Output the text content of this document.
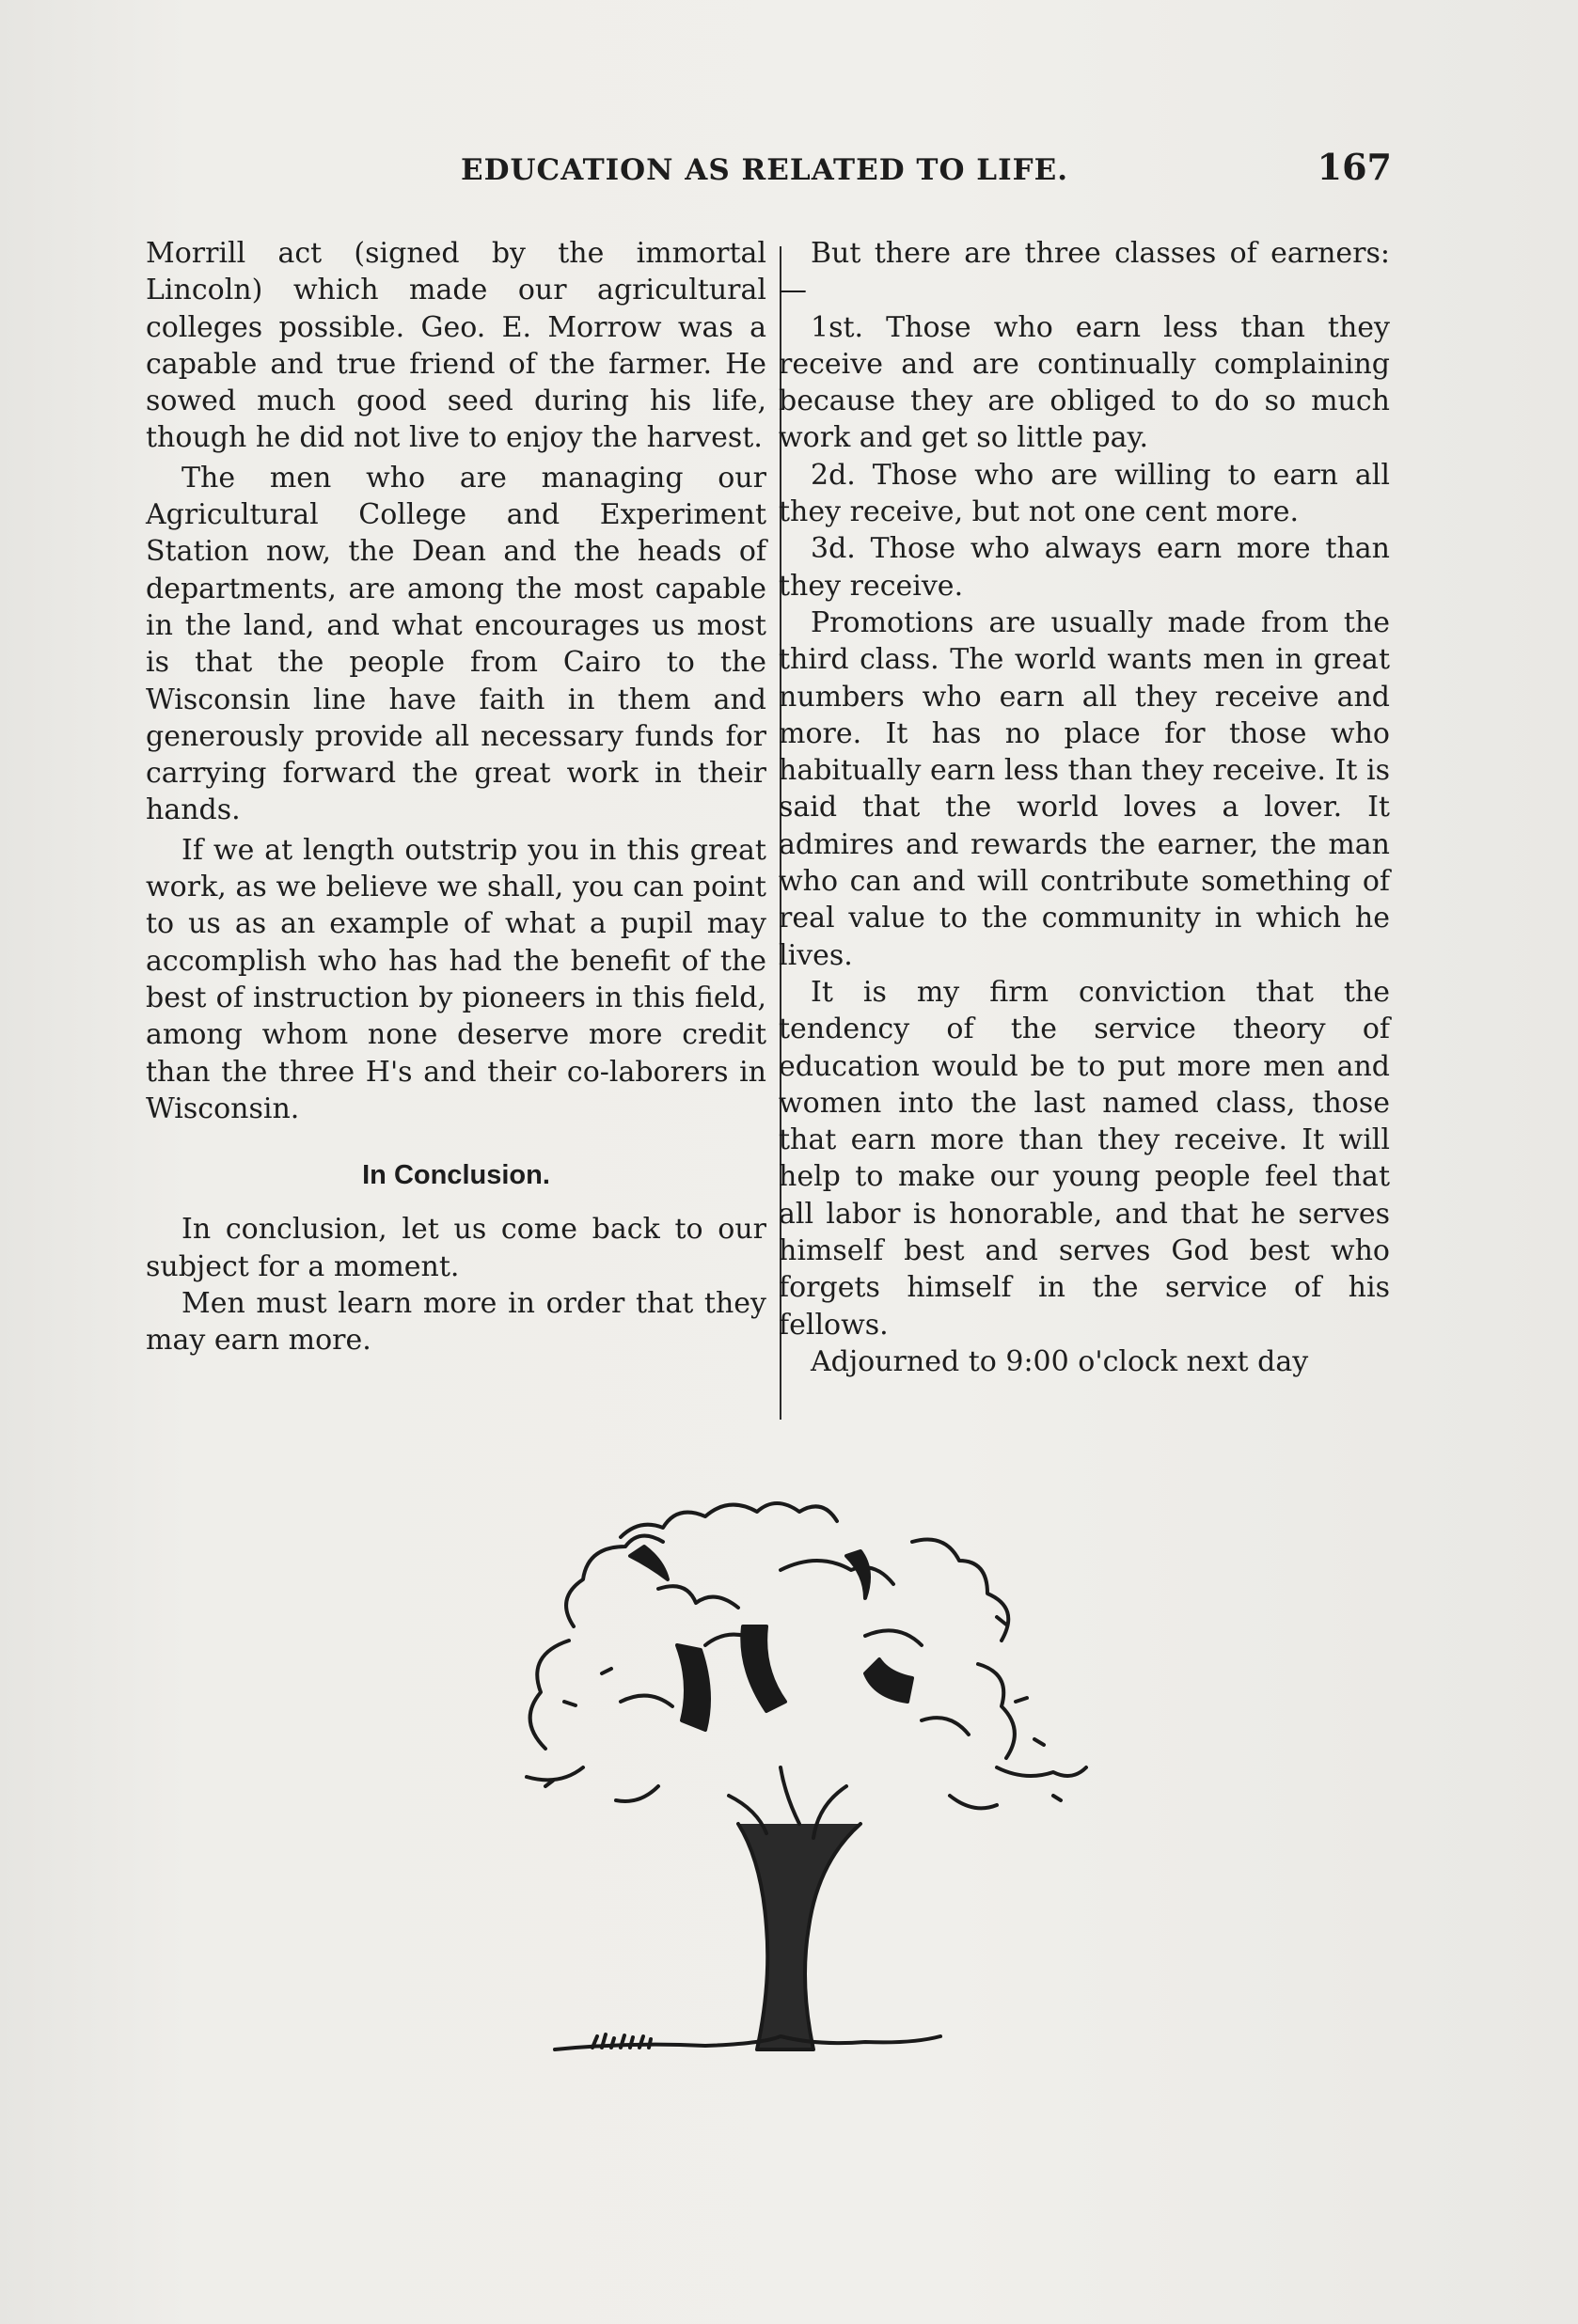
EDUCATION AS RELATED TO LIFE.	167

Morrill act (signed by the immortal Lincoln) which made our agricultural colleges possible. Geo. E. Morrow was a capable and true friend of the farmer. He sowed much good seed during his life, though he did not live to enjoy the harvest.

The men who are managing our Agricultural College and Experiment Station now, the Dean and the heads of departments, are among the most capable in the land, and what encourages us most is that the people from Cairo to the Wisconsin line have faith in them and generously provide all necessary funds for carrying forward the great work in their hands.

If we at length outstrip you in this great work, as we believe we shall, you can point to us as an example of what a pupil may accomplish who has had the benefit of the best of instruction by pioneers in this field, among whom none deserve more credit than the three H's and their co-laborers in Wisconsin.

In Conclusion.

In conclusion, let us come back to our subject for a moment.

Men must learn more in order that they may earn more.

But there are three classes of earners:—

1st. Those who earn less than they receive and are continually complaining because they are obliged to do so much work and get so little pay.

2d. Those who are willing to earn all they receive, but not one cent more.

3d. Those who always earn more than they receive.

Promotions are usually made from the third class. The world wants men in great numbers who earn all they receive and more. It has no place for those who habitually earn less than they receive. It is said that the world loves a lover. It admires and rewards the earner, the man who can and will contribute something of real value to the community in which he lives.

It is my firm conviction that the tendency of the service theory of education would be to put more men and women into the last named class, those that earn more than they receive. It will help to make our young people feel that all labor is honorable, and that he serves himself best and serves God best who forgets himself in the service of his fellows.

Adjourned to 9:00 o'clock next day
